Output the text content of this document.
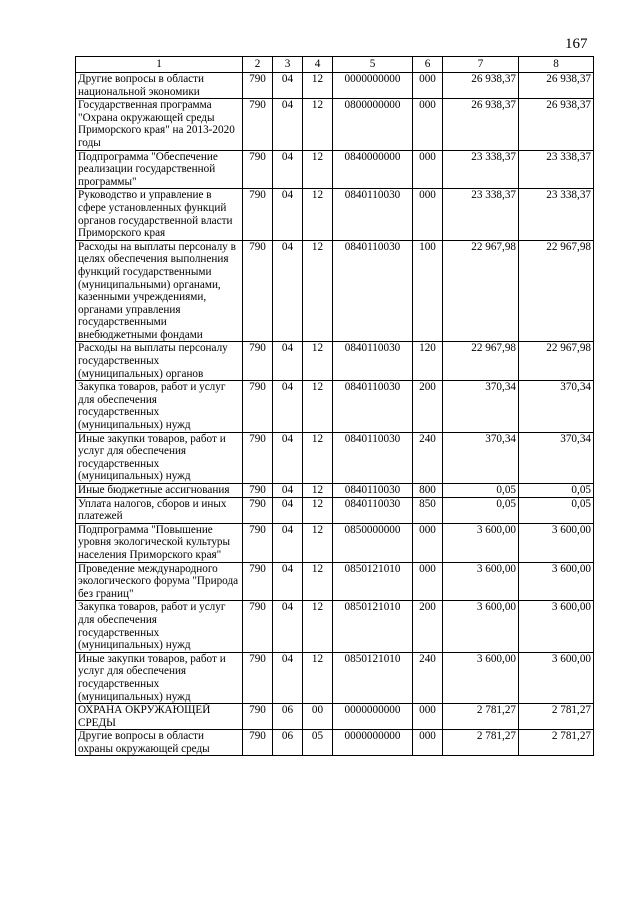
167
1	2	3	4	5	6	7	8
Другие вопросы в области национальной экономики	790	04	12	0000000000	000	26 938,37	26 938,37
Государственная программа "Охрана окружающей среды Приморского края" на 2013-2020 годы	790	04	12	0800000000	000	26 938,37	26 938,37
Подпрограмма "Обеспечение реализации государственной программы"	790	04	12	0840000000	000	23 338,37	23 338,37
Руководство и управление в сфере установленных функций органов государственной власти Приморского края	790	04	12	0840110030	000	23 338,37	23 338,37
Расходы на выплаты персоналу в целях обеспечения выполнения функций государственными (муниципальными) органами, казенными учреждениями, органами управления государственными внебюджетными фондами	790	04	12	0840110030	100	22 967,98	22 967,98
Расходы на выплаты персоналу государственных (муниципальных) органов	790	04	12	0840110030	120	22 967,98	22 967,98
Закупка товаров, работ и услуг для обеспечения государственных (муниципальных) нужд	790	04	12	0840110030	200	370,34	370,34
Иные закупки товаров, работ и услуг для обеспечения государственных (муниципальных) нужд	790	04	12	0840110030	240	370,34	370,34
Иные бюджетные ассигнования	790	04	12	0840110030	800	0,05	0,05
Уплата налогов, сборов и иных платежей	790	04	12	0840110030	850	0,05	0,05
Подпрограмма "Повышение уровня экологической культуры населения Приморского края"	790	04	12	0850000000	000	3 600,00	3 600,00
Проведение международного экологического форума "Природа без границ"	790	04	12	0850121010	000	3 600,00	3 600,00
Закупка товаров, работ и услуг для обеспечения государственных (муниципальных) нужд	790	04	12	0850121010	200	3 600,00	3 600,00
Иные закупки товаров, работ и услуг для обеспечения государственных (муниципальных) нужд	790	04	12	0850121010	240	3 600,00	3 600,00
ОХРАНА ОКРУЖАЮЩЕЙ СРЕДЫ	790	06	00	0000000000	000	2 781,27	2 781,27
Другие вопросы в области охраны окружающей среды	790	06	05	0000000000	000	2 781,27	2 781,27
